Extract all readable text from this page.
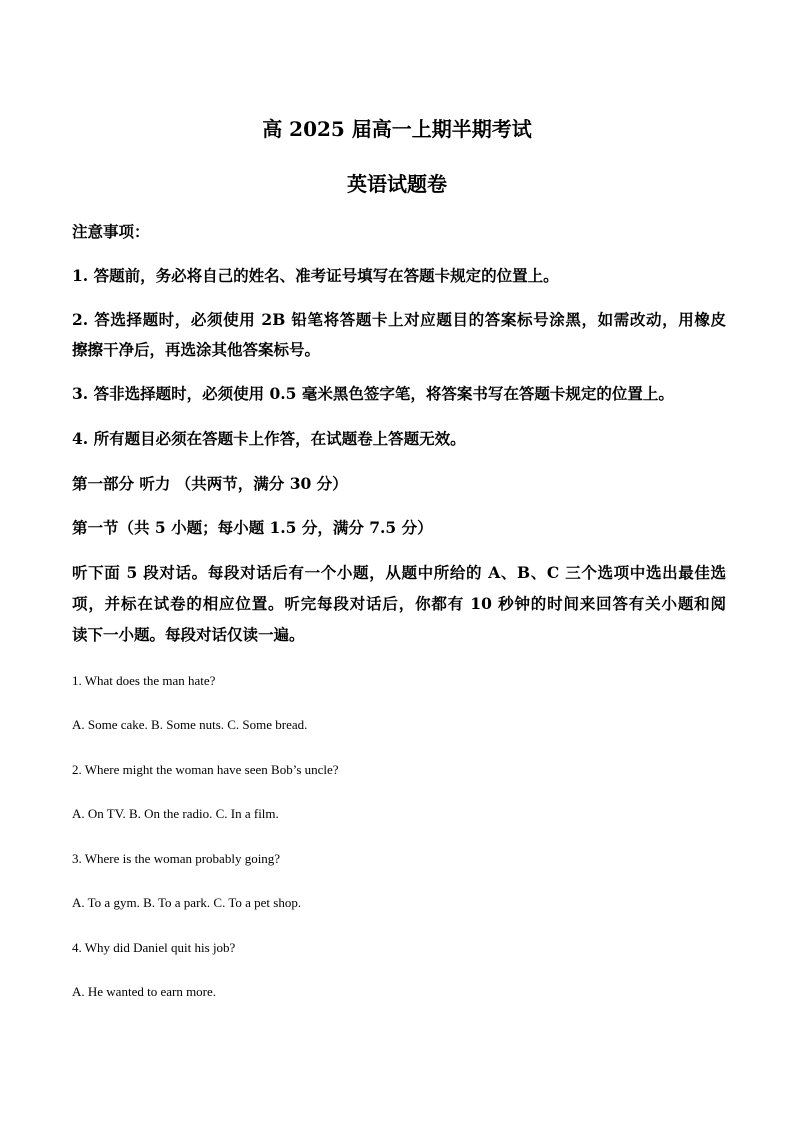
高 2025 届高一上期半期考试
英语试题卷
注意事项：
1. 答题前，务必将自己的姓名、准考证号填写在答题卡规定的位置上。
2. 答选择题时，必须使用 2B 铅笔将答题卡上对应题目的答案标号涂黑，如需改动，用橡皮
擦擦干净后，再选涂其他答案标号。
3. 答非选择题时，必须使用 0.5 毫米黑色签字笔，将答案书写在答题卡规定的位置上。
4. 所有题目必须在答题卡上作答，在试题卷上答题无效。
第一部分 听力 （共两节，满分 30 分）
第一节（共 5 小题；每小题 1.5 分，满分 7.5 分）
听下面 5 段对话。每段对话后有一个小题，从题中所给的 A、B、C 三个选项中选出最佳选
项，并标在试卷的相应位置。听完每段对话后，你都有 10 秒钟的时间来回答有关小题和阅
读下一小题。每段对话仅读一遍。
1. What does the man hate?
A. Some cake. B. Some nuts. C. Some bread.
2. Where might the woman have seen Bob’s uncle?
A. On TV. B. On the radio. C. In a film.
3. Where is the woman probably going?
A. To a gym. B. To a park. C. To a pet shop.
4. Why did Daniel quit his job?
A. He wanted to earn more.
